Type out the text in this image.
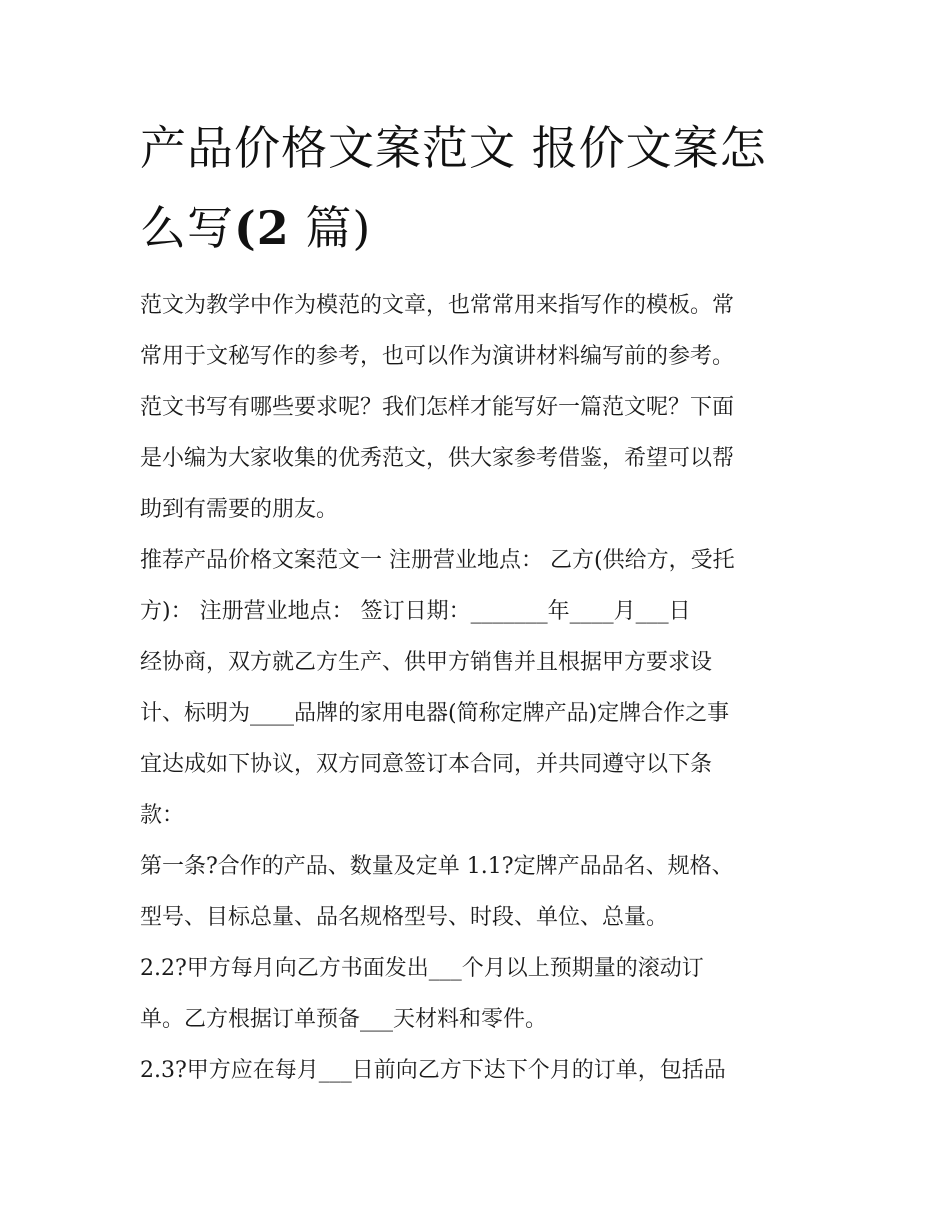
产品价格文案范文 报价文案怎
么写(2 篇)
范文为教学中作为模范的文章，也常常用来指写作的模板。常
常用于文秘写作的参考，也可以作为演讲材料编写前的参考。
范文书写有哪些要求呢？我们怎样才能写好一篇范文呢？下面
是小编为大家收集的优秀范文，供大家参考借鉴，希望可以帮
助到有需要的朋友。
推荐产品价格文案范文一 注册营业地点： 乙方(供给方，受托
方)： 注册营业地点： 签订日期：_______年____月___日
经协商，双方就乙方生产、供甲方销售并且根据甲方要求设
计、标明为____品牌的家用电器(简称定牌产品)定牌合作之事
宜达成如下协议，双方同意签订本合同，并共同遵守以下条
款：
第一条?合作的产品、数量及定单 1.1?定牌产品品名、规格、
型号、目标总量、品名规格型号、时段、单位、总量。
2.2?甲方每月向乙方书面发出___个月以上预期量的滚动订
单。乙方根据订单预备___天材料和零件。
2.3?甲方应在每月___日前向乙方下达下个月的订单，包括品
